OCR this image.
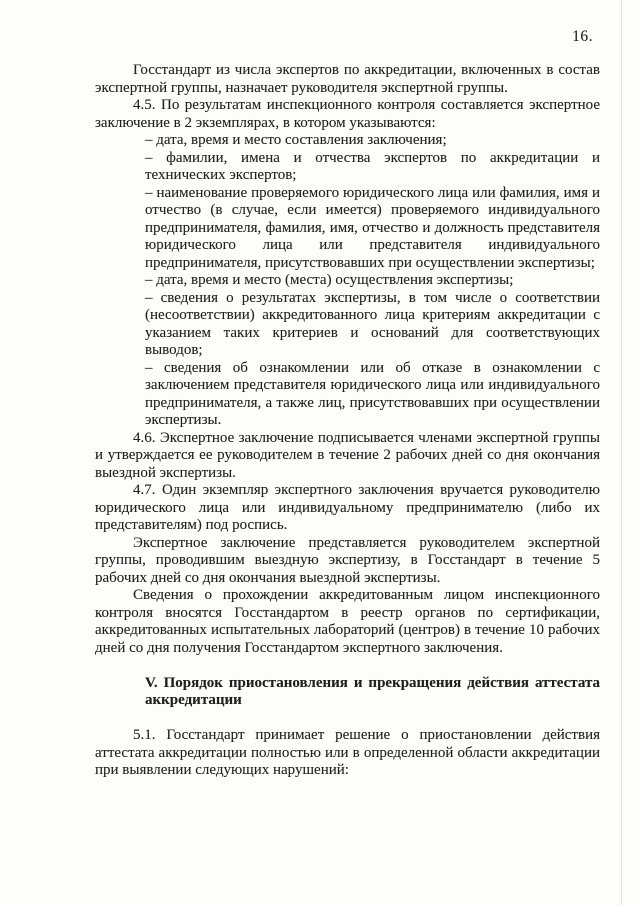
16.

Госстандарт из числа экспертов по аккредитации, включенных в состав экспертной группы, назначает руководителя экспертной группы.

4.5. По результатам инспекционного контроля составляется экспертное заключение в 2 экземплярах, в котором указываются:

– дата, время и место составления заключения;
– фамилии, имена и отчества экспертов по аккредитации и технических экспертов;
– наименование проверяемого юридического лица или фамилия, имя и отчество (в случае, если имеется) проверяемого индивидуального предпринимателя, фамилия, имя, отчество и должность представителя юридического лица или представителя индивидуального предпринимателя, присутствовавших при осуществлении экспертизы;
– дата, время и место (места) осуществления экспертизы;
– сведения о результатах экспертизы, в том числе о соответствии (несоответствии) аккредитованного лица критериям аккредитации с указанием таких критериев и оснований для соответствующих выводов;
– сведения об ознакомлении или об отказе в ознакомлении с заключением представителя юридического лица или индивидуального предпринимателя, а также лиц, присутствовавших при осуществлении экспертизы.

4.6. Экспертное заключение подписывается членами экспертной группы и утверждается ее руководителем в течение 2 рабочих дней со дня окончания выездной экспертизы.

4.7. Один экземпляр экспертного заключения вручается руководителю юридического лица или индивидуальному предпринимателю (либо их представителям) под роспись.

Экспертное заключение представляется руководителем экспертной группы, проводившим выездную экспертизу, в Госстандарт в течение 5 рабочих дней со дня окончания выездной экспертизы.

Сведения о прохождении аккредитованным лицом инспекционного контроля вносятся Госстандартом в реестр органов по сертификации, аккредитованных испытательных лабораторий (центров) в течение 10 рабочих дней со дня получения Госстандартом экспертного заключения.

V. Порядок приостановления и прекращения действия аттестата аккредитации

5.1. Госстандарт принимает решение о приостановлении действия аттестата аккредитации полностью или в определенной области аккредитации при выявлении следующих нарушений:
